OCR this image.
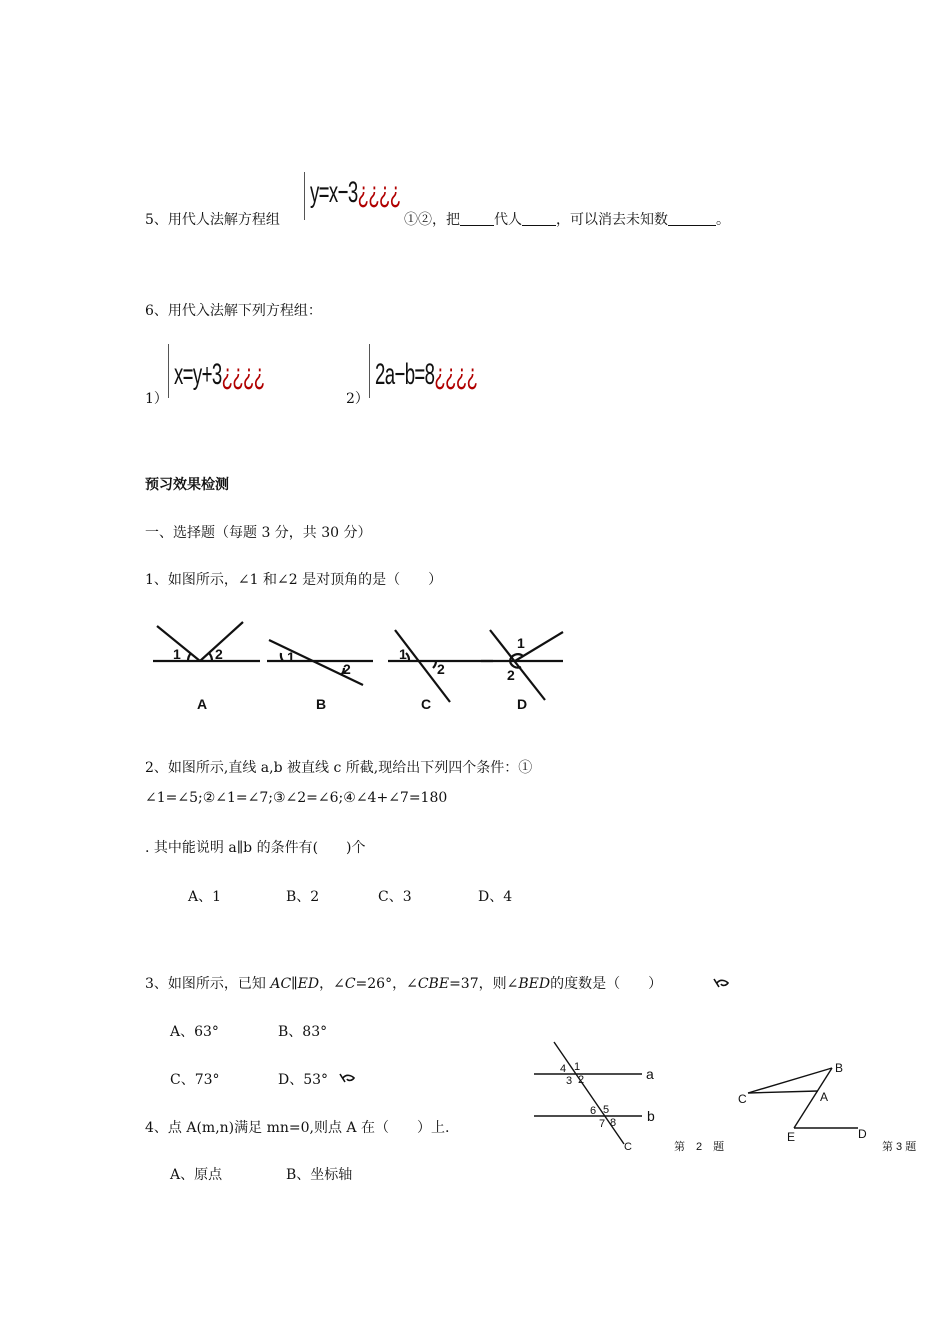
5、用代人法解方程组
y=x−3¿¿¿¿
①②，把 代人 ，可以消去未知数	。
6、用代入法解下列方程组：
1）
x=y+3¿¿¿¿
2）
2a−b=8¿¿¿¿
预习效果检测
一、选择题（每题 3 分，共 30 分）
1、如图所示，∠1 和∠2 是对顶角的是（　　）
1 2	1
2
1
2
1
2
A	B	C	D
2、如图所示,直线 a,b 被直线 c 所截,现给出下列四个条件：①
∠1=∠5;②∠1=∠7;③∠2=∠6;④∠4+∠7=180
. 其中能说明 a∥b 的条件有(　　)个
A、1	B、2	C、3	D、4
3、如图所示，已知 AC∥ED，∠C=26°，∠CBE=37，则∠BED的度数是（　　）
A、63°	B、83°
C、73°	D、53°
4、点 A(m,n)满足 mn=0,则点 A 在（　　）上.
A、原点	B、坐标轴
a
b
C
4 1
3 2
6 5
7 8
第　2　题
B
C	A
E	D
第 3 题
